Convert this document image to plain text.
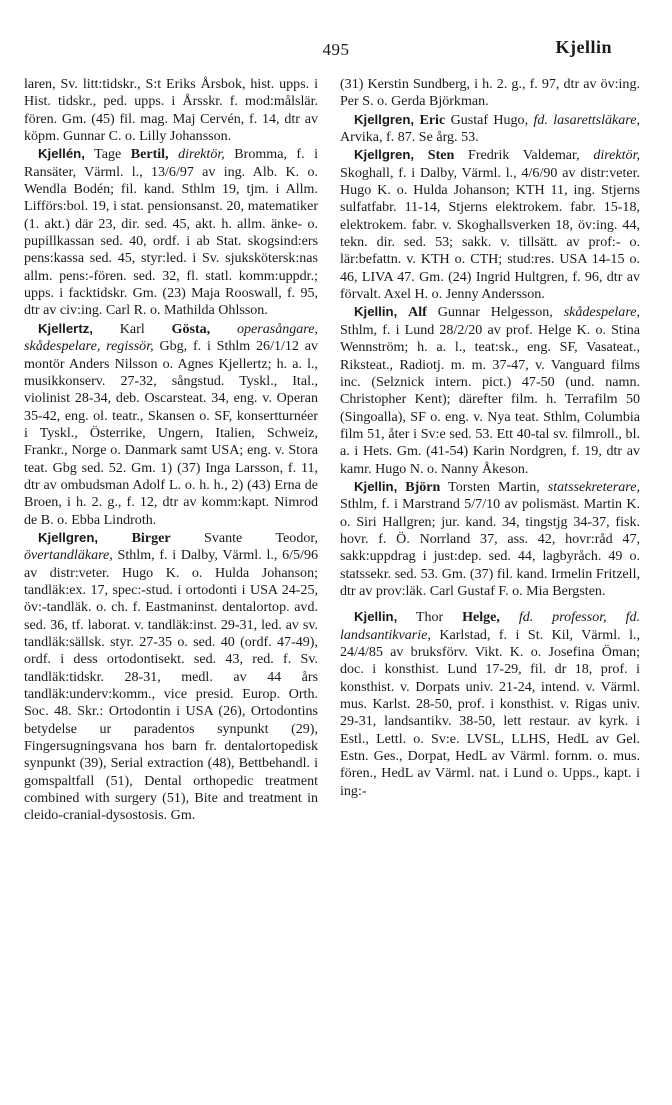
495	Kjellin

laren, Sv. litt:tidskr., S:t Eriks Årsbok, hist. upps. i Hist. tidskr., ped. upps. i Årsskr. f. mod:målslär. fören. Gm. (45) fil. mag. Maj Cervén, f. 14, dtr av köpm. Gunnar C. o. Lilly Johansson.

Kjellén, Tage Bertil, direktör, Brommа, f. i Ransäter, Värml. l., 13/6/97 av ing. Alb. K. o. Wendla Bodén; fil. kand. Sthlm 19, tjm. i Allm. Lifförs:bol. 19, i stat. pensionsanst. 20, matematiker (1. akt.) där 23, dir. sed. 45, akt. h. allm. änke- o. pupillkassan sed. 40, ordf. i ab Stat. skogsind:ers pens:kassa sed. 45, styr:led. i Sv. sjukskötersk:nas allm. pens:-fören. sed. 32, fl. statl. komm:uppdr.; upps. i facktidskr. Gm. (23) Maja Rooswall, f. 95, dtr av civ:ing. Carl R. o. Mathilda Ohlsson.

Kjellertz, Karl Gösta, operasångare, skådespelare, regissör, Gbg, f. i Sthlm 26/1/12 av montör Anders Nilsson o. Agnes Kjellertz; h. a. l., musikkonserv. 27-32, sångstud. Tyskl., Ital., violinist 28-34, deb. Oscarsteat. 34, eng. v. Operan 35-42, eng. ol. teatr., Skansen o. SF, konsertturnéer i Tyskl., Österrike, Ungern, Italien, Schweiz, Frankr., Norge o. Danmark samt USA; eng. v. Stora teat. Gbg sed. 52. Gm. 1) (37) Inga Larsson, f. 11, dtr av ombudsman Adolf L. o. h. h., 2) (43) Erna de Broen, i h. 2. g., f. 12, dtr av komm:kapt. Nimrod de B. o. Ebba Lindroth.

Kjellgren, Birger Svante Teodor, övertandläkare, Sthlm, f. i Dalby, Värml. l., 6/5/96 av distr:veter. Hugo K. o. Hulda Johanson; tandläk:ex. 17, spec:-stud. i ortodonti i USA 24-25, öv:-tandläk. o. ch. f. Eastmaninst. dentalortop. avd. sed. 36, tf. laborat. v. tandläk:inst. 29-31, led. av sv. tandläk:sällsk. styr. 27-35 o. sed. 40 (ordf. 47-49), ordf. i dess ortodontisekt. sed. 43, red. f. Sv. tandläk:tidskr. 28-31, medl. av 44 års tandläk:underv:komm., vice presid. Europ. Orth. Soc. 48. Skr.: Ortodontin i USA (26), Ortodontins betydelse ur paradentos synpunkt (29), Fingersugningsvana hos barn fr. dentalortopedisk synpunkt (39), Serial extraction (48), Bettbehandl. i gomspaltfall (51), Dental orthopedic treatment combined with surgery (51), Bite and treatment in cleido-cranial-dysostosis. Gm.

(31) Kerstin Sundberg, i h. 2. g., f. 97, dtr av öv:ing. Per S. o. Gerda Björkman.

Kjellgren, Eric Gustaf Hugo, fd. lasarettsläkare, Arvika, f. 87. Se årg. 53.

Kjellgren, Sten Fredrik Valdemar, direktör, Skoghall, f. i Dalby, Värml. l., 4/6/90 av distr:veter. Hugo K. o. Hulda Johanson; KTH 11, ing. Stjerns sulfatfabr. 11-14, Stjerns elektrokem. fabr. 15-18, elektrokem. fabr. v. Skoghallsverken 18, öv:ing. 44, tekn. dir. sed. 53; sakk. v. tillsätt. av prof:- o. lär:befattn. v. KTH o. CTH; stud:res. USA 14-15 o. 46, LIVA 47. Gm. (24) Ingrid Hultgren, f. 96, dtr av förvalt. Axel H. o. Jenny Andersson.

Kjellin, Alf Gunnar Helgesson, skådespelare, Sthlm, f. i Lund 28/2/20 av prof. Helge K. o. Stina Wennström; h. a. l., teat:sk., eng. SF, Vasateat., Riksteat., Radiotj. m. m. 37-47, v. Vanguard films inc. (Selznick intern. pict.) 47-50 (und. namn. Christopher Kent); därefter film. h. Terrafilm 50 (Singoalla), SF o. eng. v. Nya teat. Sthlm, Columbia film 51, åter i Sv:e sed. 53. Ett 40-tal sv. filmroll., bl. a. i Hets. Gm. (41-54) Karin Nordgren, f. 19, dtr av kamr. Hugo N. o. Nanny Åkeson.

Kjellin, Björn Torsten Martin, statssekreterare, Sthlm, f. i Marstrand 5/7/10 av polismäst. Martin K. o. Siri Hallgren; jur. kand. 34, tingstjg 34-37, fisk. hovr. f. Ö. Norrland 37, ass. 42, hovr:råd 47, sakk:uppdrag i just:dep. sed. 44, lagbyråch. 49 o. statssekr. sed. 53. Gm. (37) fil. kand. Irmelin Fritzell, dtr av prov:läk. Carl Gustaf F. o. Mia Bergsten.

Kjellin, Thor Helge, fd. professor, fd. landsantikvarie, Karlstad, f. i St. Kil, Värml. l., 24/4/85 av bruksförv. Vikt. K. o. Josefina Öman; doc. i konsthist. Lund 17-29, fil. dr 18, prof. i konsthist. v. Dorpats univ. 21-24, intend. v. Värml. mus. Karlst. 28-50, prof. i konsthist. v. Rigas univ. 29-31, landsantikv. 38-50, lett restaur. av kyrk. i Estl., Lettl. o. Sv:e. LVSL, LLHS, HedL av Gel. Estn. Ges., Dorpat, HedL av Värml. fornm. o. mus. fören., HedL av Värml. nat. i Lund o. Upps., kapt. i ing:-
